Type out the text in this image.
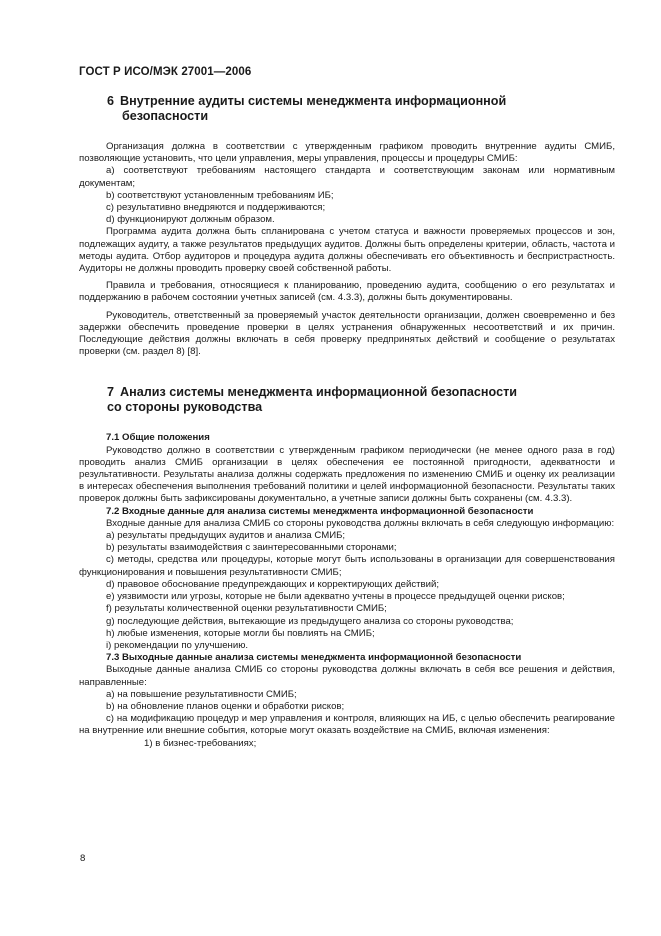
ГОСТ Р ИСО/МЭК 27001—2006
6 Внутренние аудиты системы менеджмента информационной
безопасности

Организация должна в соответствии с утвержденным графиком проводить внутренние аудиты СМИБ, позволяющие установить, что цели управления, меры управления, процессы и процедуры СМИБ:

a) соответствуют требованиям настоящего стандарта и соответствующим законам или нормативным документам;

b) соответствуют установленным требованиям ИБ;

c) результативно внедряются и поддерживаются;

d) функционируют должным образом.

Программа аудита должна быть спланирована с учетом статуса и важности проверяемых процессов и зон, подлежащих аудиту, а также результатов предыдущих аудитов. Должны быть определены критерии, область, частота и методы аудита. Отбор аудиторов и процедура аудита должны обеспечивать его объективность и беспристрастность. Аудиторы не должны проводить проверку своей собственной работы.

Правила и требования, относящиеся к планированию, проведению аудита, сообщению о его результатах и поддержанию в рабочем состоянии учетных записей (см. 4.3.3), должны быть документированы.

Руководитель, ответственный за проверяемый участок деятельности организации, должен своевременно и без задержки обеспечить проведение проверки в целях устранения обнаруженных несоответствий и их причин. Последующие действия должны включать в себя проверку предпринятых действий и сообщение о результатах проверки (см. раздел 8) [8].

7 Анализ системы менеджмента информационной безопасности
со стороны руководства

7.1 Общие положения

Руководство должно в соответствии с утвержденным графиком периодически (не менее одного раза в год) проводить анализ СМИБ организации в целях обеспечения ее постоянной пригодности, адекватности и результативности. Результаты анализа должны содержать предложения по изменению СМИБ и оценку их реализации в интересах обеспечения выполнения требований политики и целей информационной безопасности. Результаты таких проверок должны быть зафиксированы документально, а учетные записи должны быть сохранены (см. 4.3.3).

7.2 Входные данные для анализа системы менеджмента информационной безопасности

Входные данные для анализа СМИБ со стороны руководства должны включать в себя следующую информацию:

a) результаты предыдущих аудитов и анализа СМИБ;

b) результаты взаимодействия с заинтересованными сторонами;

c) методы, средства или процедуры, которые могут быть использованы в организации для совершенствования функционирования и повышения результативности СМИБ;

d) правовое обоснование предупреждающих и корректирующих действий;

e) уязвимости или угрозы, которые не были адекватно учтены в процессе предыдущей оценки рисков;

f) результаты количественной оценки результативности СМИБ;

g) последующие действия, вытекающие из предыдущего анализа со стороны руководства;

h) любые изменения, которые могли бы повлиять на СМИБ;

i) рекомендации по улучшению.

7.3 Выходные данные анализа системы менеджмента информационной безопасности

Выходные данные анализа СМИБ со стороны руководства должны включать в себя все решения и действия, направленные:

a) на повышение результативности СМИБ;

b) на обновление планов оценки и обработки рисков;

c) на модификацию процедур и мер управления и контроля, влияющих на ИБ, с целью обеспечить реагирование на внутренние или внешние события, которые могут оказать воздействие на СМИБ, включая изменения:

1) в бизнес-требованиях;

8
